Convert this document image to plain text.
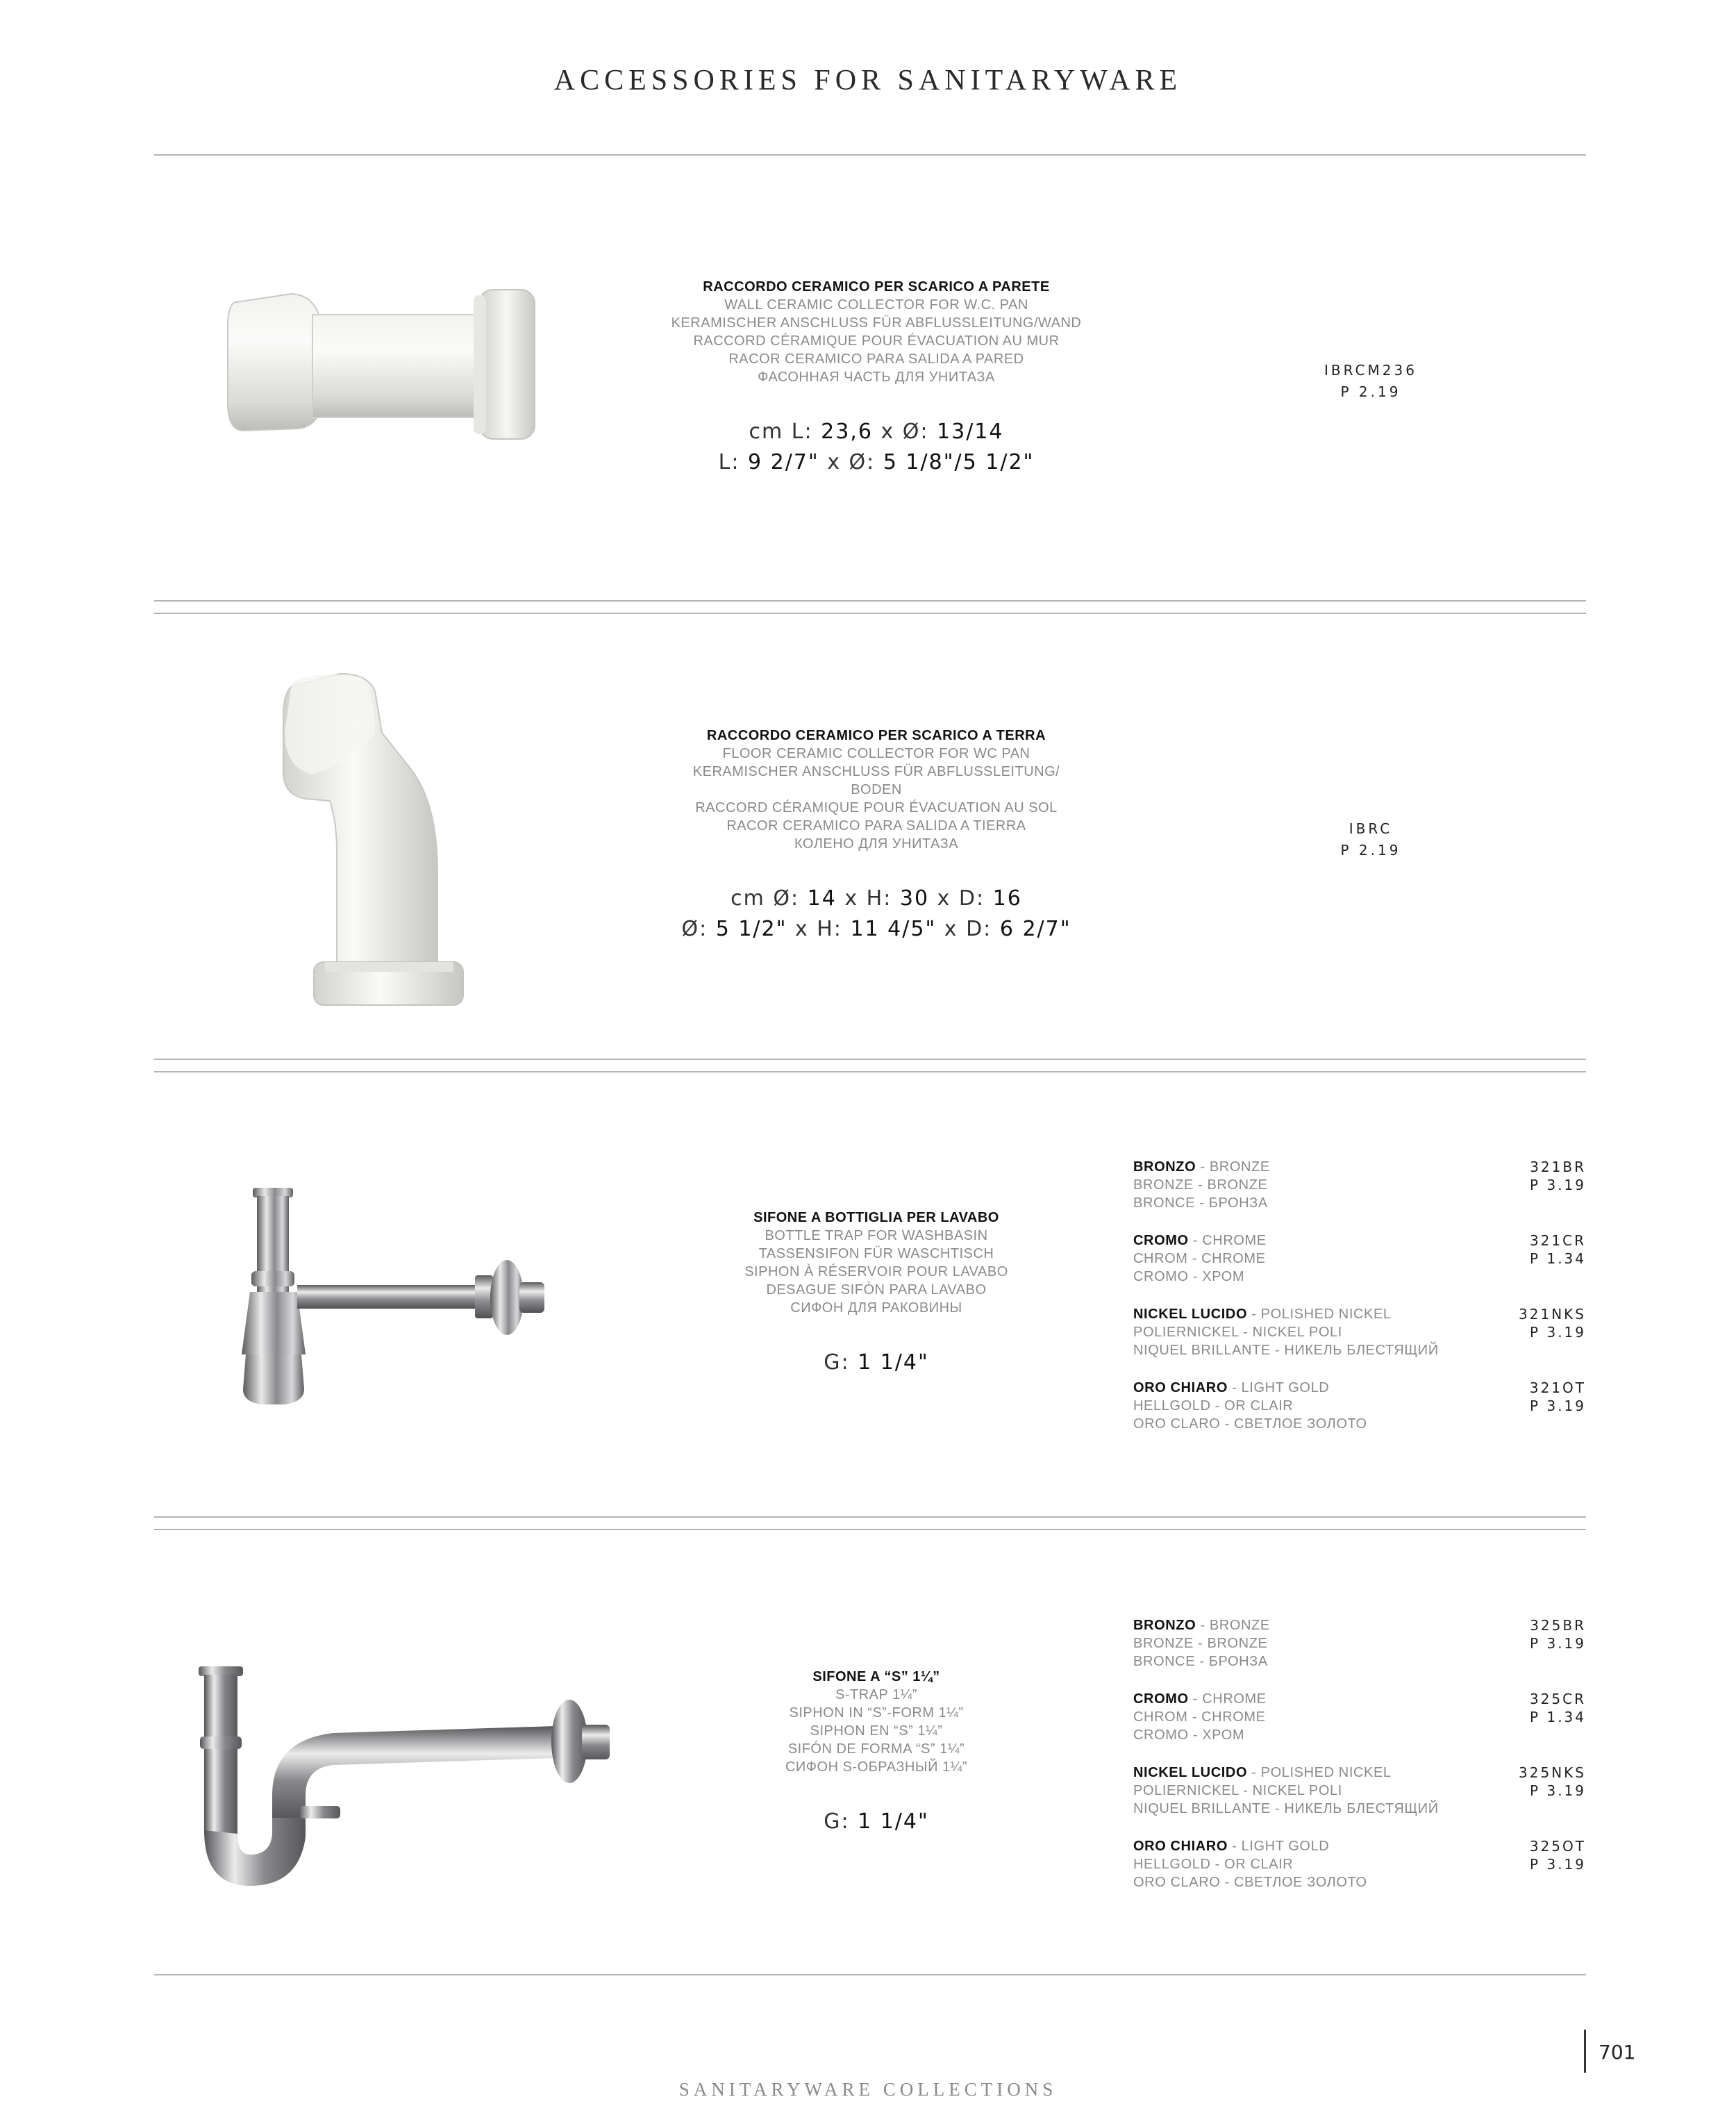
ACCESSORIES FOR SANITARYWARE
RACCORDO CERAMICO PER SCARICO A PARETE
WALL CERAMIC COLLECTOR FOR W.C. PAN
KERAMISCHER ANSCHLUSS FÜR ABFLUSSLEITUNG/WAND
RACCORD CÉRAMIQUE POUR ÉVACUATION AU MUR
RACOR CERAMICO PARA SALIDA A PARED
ФАСОННАЯ ЧАСТЬ ДЛЯ УНИТАЗА
cm L: 23,6 x Ø: 13/14
L: 9 2/7" x Ø: 5 1/8"/5 1/2"
IBRCM236
P 2.19
RACCORDO CERAMICO PER SCARICO A TERRA
FLOOR CERAMIC COLLECTOR FOR WC PAN
KERAMISCHER ANSCHLUSS FÜR ABFLUSSLEITUNG/
BODEN
RACCORD CÉRAMIQUE POUR ÉVACUATION AU SOL
RACOR CERAMICO PARA SALIDA A TIERRA
КОЛЕНО ДЛЯ УНИТАЗА
cm Ø: 14 x H: 30 x D: 16
Ø: 5 1/2" x H: 11 4/5" x D: 6 2/7"
IBRC
P 2.19
SIFONE A BOTTIGLIA PER LAVABO
BOTTLE TRAP FOR WASHBASIN
TASSENSIFON FÜR WASCHTISCH
SIPHON À RÉSERVOIR POUR LAVABO
DESAGUE SIFÓN PARA LAVABO
СИФОН ДЛЯ РАКОВИНЫ
G: 1 1/4"
BRONZO - BRONZE
BRONZE - BRONZE
BRONCE - БРОНЗА
321BR
P 3.19
CROMO - CHROME
CHROM - CHROME
CROMO - ХРОМ
321CR
P 1.34
NICKEL LUCIDO - POLISHED NICKEL
POLIERNICKEL - NICKEL POLI
NIQUEL BRILLANTE - НИКЕЛЬ БЛЕСТЯЩИЙ
321NKS
P 3.19
ORO CHIARO - LIGHT GOLD
HELLGOLD - OR CLAIR
ORO CLARO - СВЕТЛОЕ ЗОЛОТО
321OT
P 3.19
SIFONE A “S” 1¼”
S-TRAP 1¼”
SIPHON IN “S”-FORM 1¼”
SIPHON EN “S” 1¼”
SIFÓN DE FORMA “S” 1¼”
СИФОН S-ОБРАЗНЫЙ 1¼”
G: 1 1/4"
BRONZO - BRONZE
BRONZE - BRONZE
BRONCE - БРОНЗА
325BR
P 3.19
CROMO - CHROME
CHROM - CHROME
CROMO - ХРОМ
325CR
P 1.34
NICKEL LUCIDO - POLISHED NICKEL
POLIERNICKEL - NICKEL POLI
NIQUEL BRILLANTE - НИКЕЛЬ БЛЕСТЯЩИЙ
325NKS
P 3.19
ORO CHIARO - LIGHT GOLD
HELLGOLD - OR CLAIR
ORO CLARO - СВЕТЛОЕ ЗОЛОТО
325OT
P 3.19
SANITARYWARE COLLECTIONS
701
